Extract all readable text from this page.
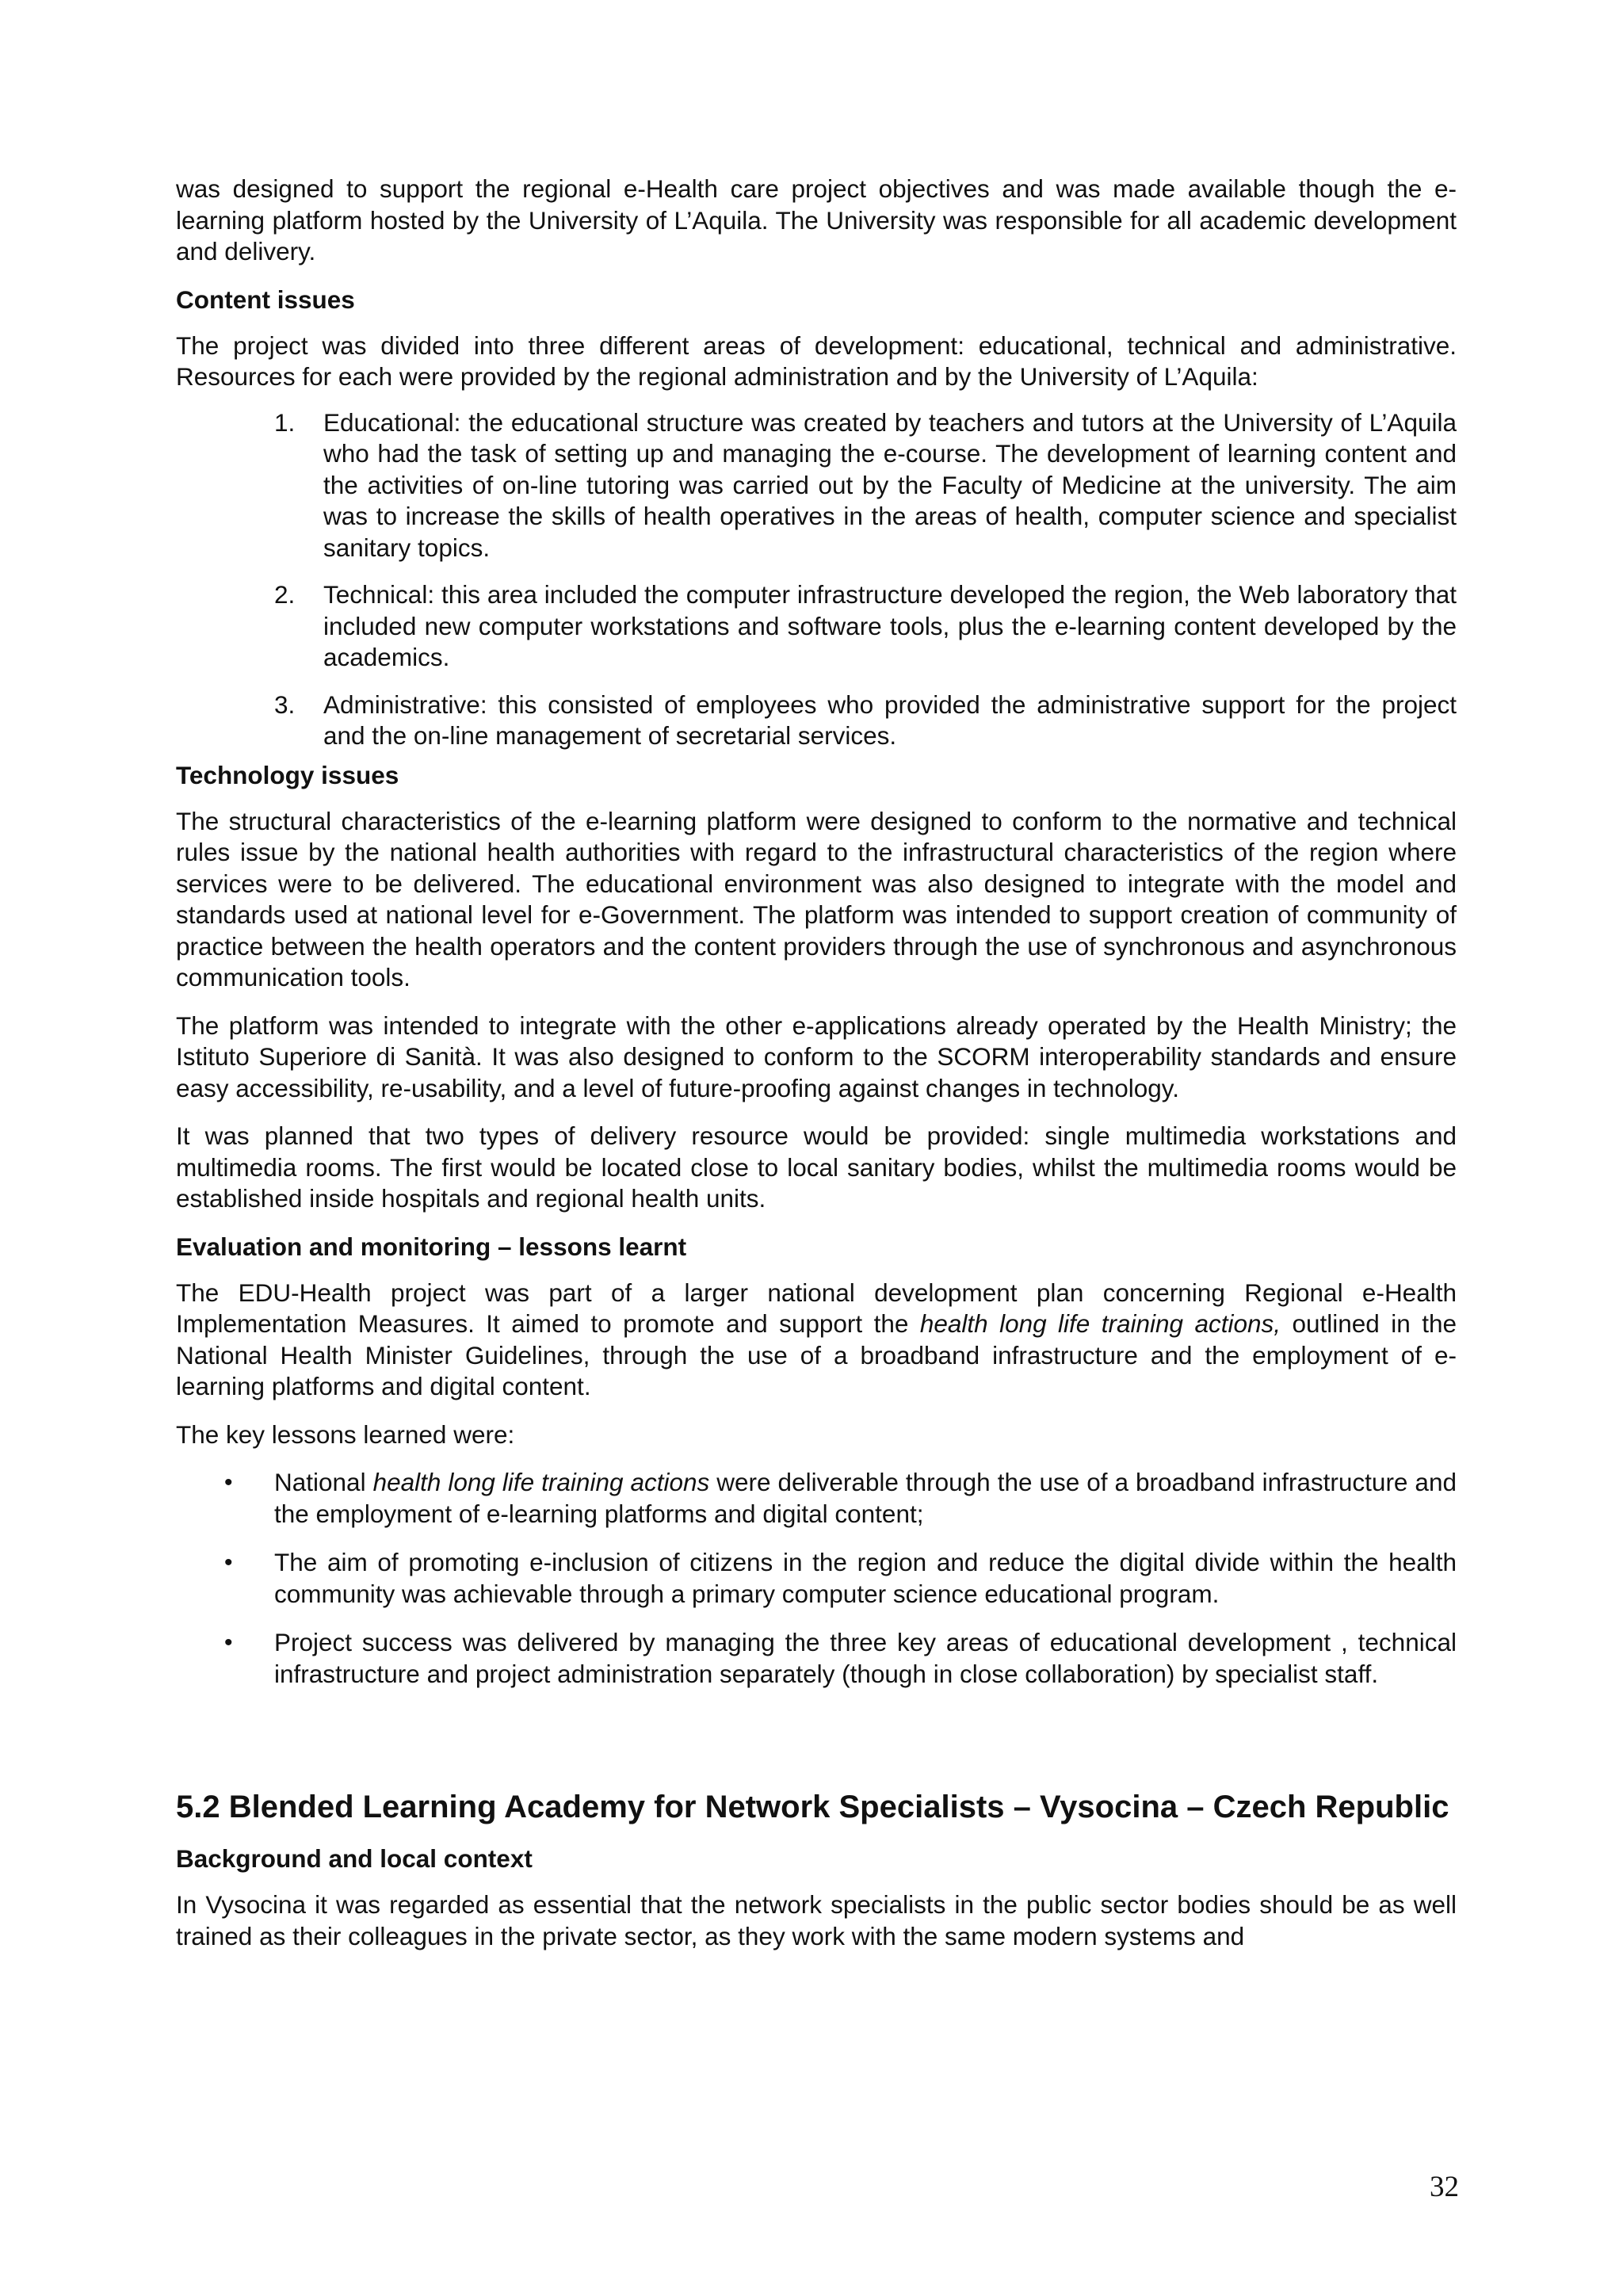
was designed to support the regional e-Health care project objectives and was made available though the e-learning platform hosted by the University of L’Aquila. The University was responsible for all academic development and delivery.

Content issues

The project was divided into three different areas of development: educational, technical and administrative. Resources for each were provided by the regional administration and by the University of L’Aquila:

1. Educational: the educational structure was created by teachers and tutors at the University of L’Aquila who had the task of setting up and managing the e-course. The development of learning content and the activities of on-line tutoring was carried out by the Faculty of Medicine at the university. The aim was to increase the skills of health operatives in the areas of health, computer science and specialist sanitary topics.
2. Technical: this area included the computer infrastructure developed the region, the Web laboratory that included new computer workstations and software tools, plus the e-learning content developed by the academics.
3. Administrative: this consisted of employees who provided the administrative support for the project and the on-line management of secretarial services.
Technology issues

The structural characteristics of the e-learning platform were designed to conform to the normative and technical rules issue by the national health authorities with regard to the infrastructural characteristics of the region where services were to be delivered. The educational environment was also designed to integrate with the model and standards used at national level for e-Government. The platform was intended to support creation of community of practice between the health operators and the content providers through the use of synchronous and asynchronous communication tools.

The platform was intended to integrate with the other e-applications already operated by the Health Ministry; the Istituto Superiore di Sanità. It was also designed to conform to the SCORM interoperability standards and ensure easy accessibility, re-usability, and a level of future-proofing against changes in technology.

It was planned that two types of delivery resource would be provided: single multimedia workstations and multimedia rooms. The first would be located close to local sanitary bodies, whilst the multimedia rooms would be established inside hospitals and regional health units.

Evaluation and monitoring – lessons learnt

The EDU-Health project was part of a larger national development plan concerning Regional e-Health Implementation Measures. It aimed to promote and support the health long life training actions, outlined in the National Health Minister Guidelines, through the use of a broadband infrastructure and the employment of e-learning platforms and digital content.

The key lessons learned were:

• National health long life training actions were deliverable through the use of a broadband infrastructure and the employment of e-learning platforms and digital content;
• The aim of promoting e-inclusion of citizens in the region and reduce the digital divide within the health community was achievable through a primary computer science educational program.
• Project success was delivered by managing the three key areas of educational development , technical infrastructure and project administration separately (though in close collaboration) by specialist staff.
5.2 Blended Learning Academy for Network Specialists – Vysocina – Czech Republic
Background and local context

In Vysocina it was regarded as essential that the network specialists in the public sector bodies should be as well trained as their colleagues in the private sector, as they work with the same modern systems and

32
